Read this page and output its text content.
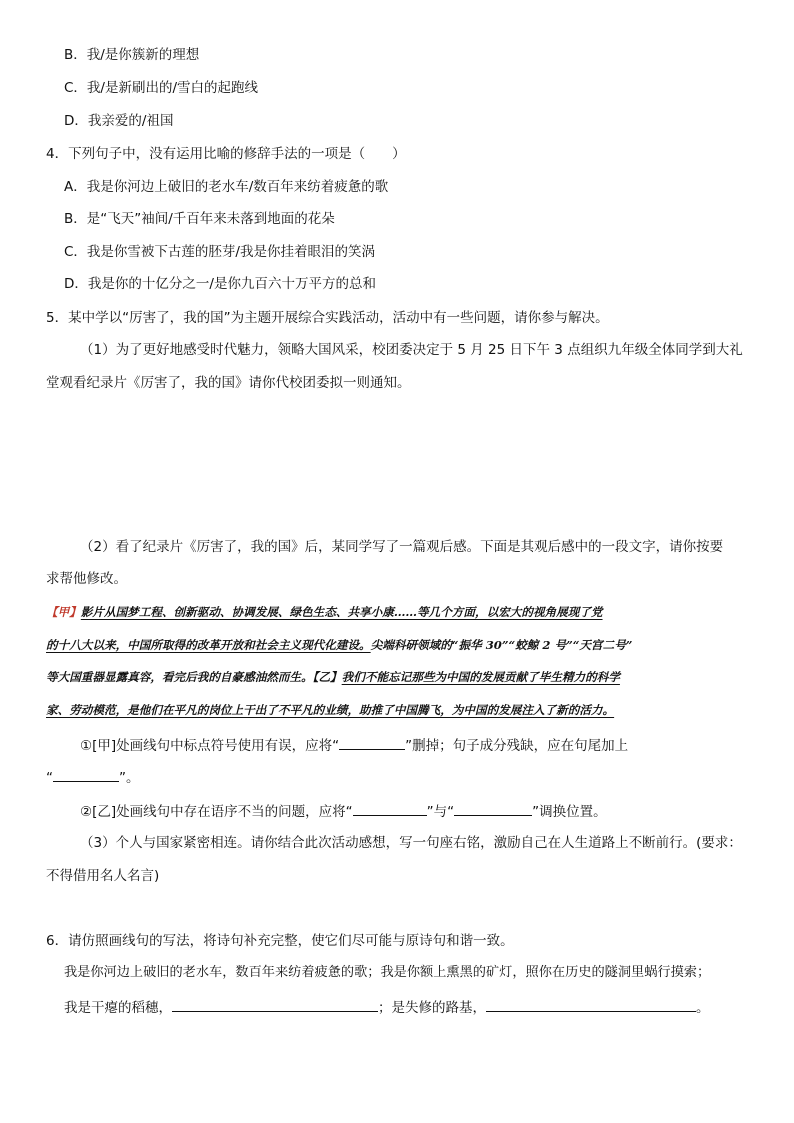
B．我/是你簇新的理想
C．我/是新刷出的/雪白的起跑线
D．我亲爱的/祖国
4．下列句子中，没有运用比喻的修辞手法的一项是（　　）
A．我是你河边上破旧的老水车/数百年来纺着疲惫的歌
B．是“飞天”袖间/千百年来未落到地面的花朵
C．我是你雪被下古莲的胚芽/我是你挂着眼泪的笑涡
D．我是你的十亿分之一/是你九百六十万平方的总和
5．某中学以“厉害了，我的国”为主题开展综合实践活动，活动中有一些问题，请你参与解决。
（1）为了更好地感受时代魅力，领略大国风采，校团委决定于 5 月 25 日下午 3 点组织九年级全体同学到大礼
堂观看纪录片《厉害了，我的国》请你代校团委拟一则通知。
（2）看了纪录片《厉害了，我的国》后，某同学写了一篇观后感。下面是其观后感中的一段文字，请你按要
求帮他修改。
【甲】影片从国梦工程、创新驱动、协调发展、绿色生态、共享小康……等几个方面，以宏大的视角展现了党
的十八大以来，中国所取得的改革开放和社会主义现代化建设。尖端科研领域的“振华 30”“蛟鲸 2 号”“天宫二号”
等大国重器显露真容，看完后我的自豪感油然而生。【乙】我们不能忘记那些为中国的发展贡献了毕生精力的科学
家、劳动模范，是他们在平凡的岗位上干出了不平凡的业绩，助推了中国腾飞，为中国的发展注入了新的活力。
①[甲]处画线句中标点符号使用有误，应将“	”删掉；句子成分残缺，应在句尾加上
“	”。
②[乙]处画线句中存在语序不当的问题，应将“	”与“	”调换位置。
（3）个人与国家紧密相连。请你结合此次活动感想，写一句座右铭，激励自己在人生道路上不断前行。(要求：
不得借用名人名言)
6．请仿照画线句的写法，将诗句补充完整，使它们尽可能与原诗句和谐一致。
我是你河边上破旧的老水车，数百年来纺着疲惫的歌；我是你额上熏黑的矿灯，照你在历史的隧洞里蜗行摸索；
我是干瘪的稻穗，	；是失修的路基，	。
